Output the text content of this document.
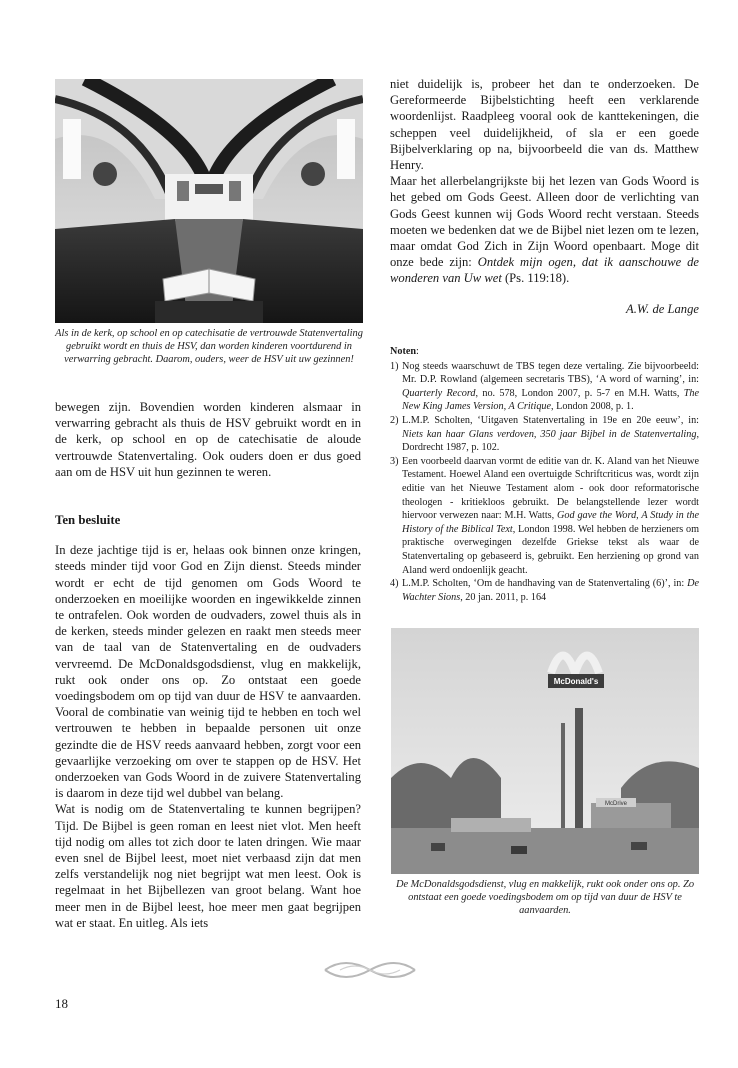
Als in de kerk, op school en op catechisatie de vertrouwde Statenvertaling gebruikt wordt en thuis de HSV, dan worden kinderen voortdurend in verwarring gebracht. Daarom, ouders, weer de HSV uit uw gezinnen!

bewegen zijn. Bovendien worden kinderen alsmaar in verwarring gebracht als thuis de HSV gebruikt wordt en in de kerk, op school en op de catechisatie de aloude vertrouwde Statenvertaling. Ook ouders doen er dus goed aan om de HSV uit hun gezinnen te weren.

Ten besluite

In deze jachtige tijd is er, helaas ook binnen onze kringen, steeds minder tijd voor God en Zijn dienst. Steeds minder wordt er echt de tijd genomen om Gods Woord te onderzoeken en moeilijke woorden en ingewikkelde zinnen te ontrafelen. Ook worden de oudvaders, zowel thuis als in de kerken, steeds minder gelezen en raakt men steeds meer van de taal van de Statenvertaling en de oudvaders vervreemd. De McDonaldsgodsdienst, vlug en makkelijk, rukt ook onder ons op. Zo ontstaat een goede voedingsbodem om op tijd van duur de HSV te aanvaarden. Vooral de combinatie van weinig tijd te hebben en toch wel vertrouwen te hebben in bepaalde personen uit onze gezindte die de HSV reeds aanvaard hebben, zorgt voor een gevaarlijke verzoeking om over te stappen op de HSV. Het onderzoeken van Gods Woord in de zuivere Statenvertaling is daarom in deze tijd wel dubbel van belang.

Wat is nodig om de Statenvertaling te kunnen begrijpen? Tijd. De Bijbel is geen roman en leest niet vlot. Men heeft tijd nodig om alles tot zich door te laten dringen. Wie maar even snel de Bijbel leest, moet niet verbaasd zijn dat men zelfs verstandelijk nog niet begrijpt wat men leest. Ook is regelmaat in het Bijbellezen van groot belang. Want hoe meer men in de Bijbel leest, hoe meer men gaat begrijpen wat er staat. En uitleg. Als iets

niet duidelijk is, probeer het dan te onderzoeken. De Gereformeerde Bijbelstichting heeft een verklarende woordenlijst. Raadpleeg vooral ook de kanttekeningen, die scheppen veel duidelijkheid, of sla er een goede Bijbelverklaring op na, bijvoorbeeld die van ds. Matthew Henry.

Maar het allerbelangrijkste bij het lezen van Gods Woord is het gebed om Gods Geest. Alleen door de verlichting van Gods Geest kunnen wij Gods Woord recht verstaan. Steeds moeten we bedenken dat we de Bijbel niet lezen om te lezen, maar omdat God Zich in Zijn Woord openbaart. Moge dit onze bede zijn: Ontdek mijn ogen, dat ik aanschouwe de wonderen van Uw wet (Ps. 119:18).

A.W. de Lange
Noten:
1) Nog steeds waarschuwt de TBS tegen deze vertaling. Zie bijvoorbeeld: Mr. D.P. Rowland (algemeen secretaris TBS), ‘A word of warning’, in: Quarterly Record, no. 578, London 2007, p. 5-7 en M.H. Watts, The New King James Version, A Critique, London 2008, p. 1.
2) L.M.P. Scholten, ‘Uitgaven Statenvertaling in 19e en 20e eeuw’, in: Niets kan haar Glans verdoven, 350 jaar Bijbel in de Statenvertaling, Dordrecht 1987, p. 102.
3) Een voorbeeld daarvan vormt de editie van dr. K. Aland van het Nieuwe Testament. Hoewel Aland een overtuigde Schriftcriticus was, wordt zijn editie van het Nieuwe Testament alom - ook door reformatorische theologen - kritiekloos gebruikt. De belangstellende lezer wordt hiervoor verwezen naar: M.H. Watts, God gave the Word, A Study in the History of the Biblical Text, London 1998. Wel hebben de herzieners om praktische overwegingen dezelfde Griekse tekst als waar de Statenvertaling op gebaseerd is, gebruikt. Een herziening op grond van Aland werd ondoenlijk geacht.
4) L.M.P. Scholten, ‘Om de handhaving van de Statenvertaling (6)’, in: De Wachter Sions, 20 jan. 2011, p. 164
McDonald's
McDrive
De McDonaldsgodsdienst, vlug en makkelijk, rukt ook onder ons op. Zo ontstaat een goede voedingsbodem om op tijd van duur de HSV te aanvaarden.
18
